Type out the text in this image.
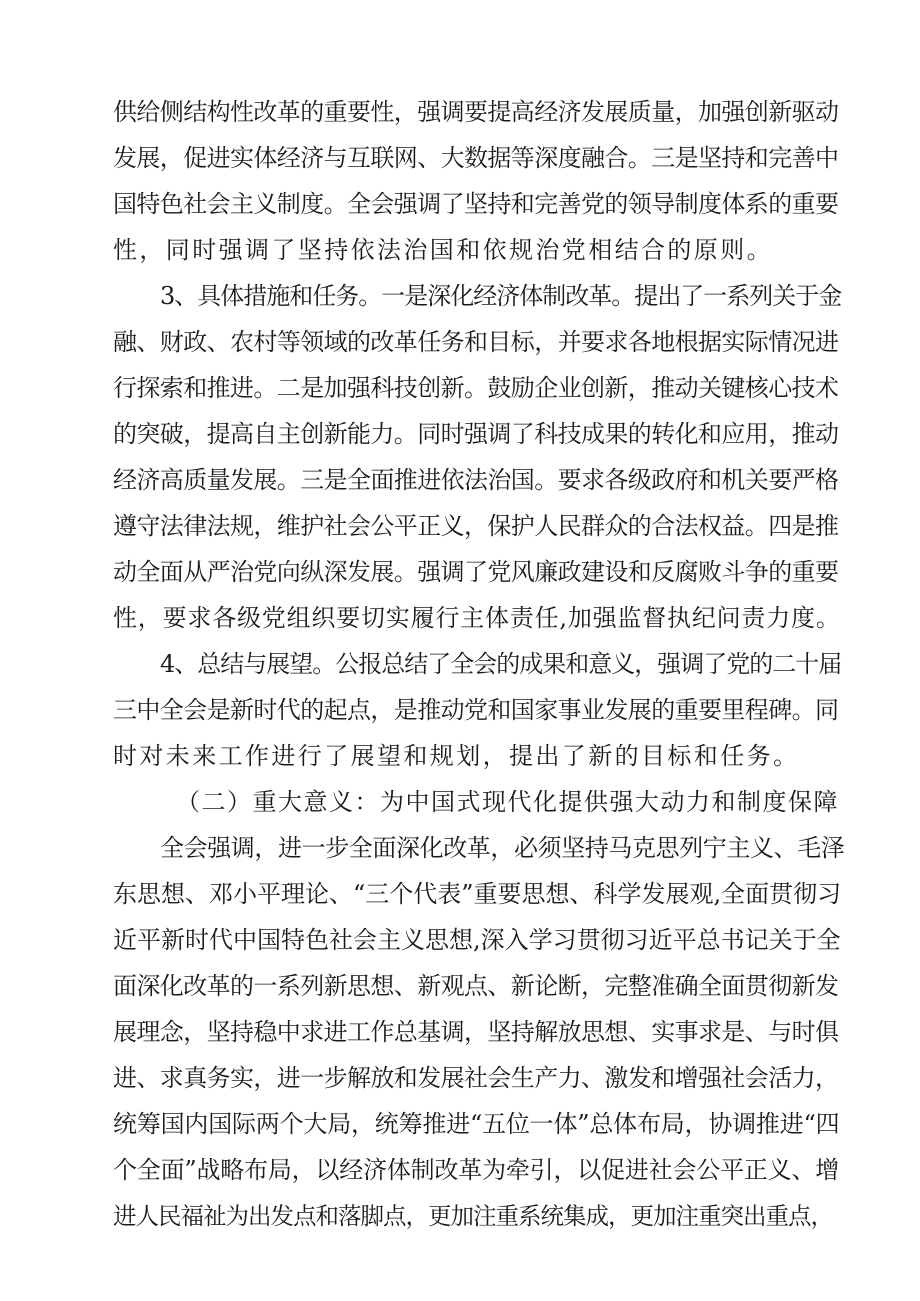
供给侧结构性改革的重要性，强调要提高经济发展质量，加强创新驱动
发展，促进实体经济与互联网、大数据等深度融合。三是坚持和完善中
国特色社会主义制度。全会强调了坚持和完善党的领导制度体系的重要
性，同时强调了坚持依法治国和依规治党相结合的原则。
3、具体措施和任务。一是深化经济体制改革。提出了一系列关于金
融、财政、农村等领域的改革任务和目标，并要求各地根据实际情况进
行探索和推进。二是加强科技创新。鼓励企业创新，推动关键核心技术
的突破，提高自主创新能力。同时强调了科技成果的转化和应用，推动
经济高质量发展。三是全面推进依法治国。要求各级政府和机关要严格
遵守法律法规，维护社会公平正义，保护人民群众的合法权益。四是推
动全面从严治党向纵深发展。强调了党风廉政建设和反腐败斗争的重要
性，要求各级党组织要切实履行主体责任,加强监督执纪问责力度。
4、总结与展望。公报总结了全会的成果和意义，强调了党的二十届
三中全会是新时代的起点，是推动党和国家事业发展的重要里程碑。同
时对未来工作进行了展望和规划，提出了新的目标和任务。
（二）重大意义：为中国式现代化提供强大动力和制度保障
全会强调，进一步全面深化改革，必须坚持马克思列宁主义、毛泽
东思想、邓小平理论、“三个代表”重要思想、科学发展观,全面贯彻习
近平新时代中国特色社会主义思想,深入学习贯彻习近平总书记关于全
面深化改革的一系列新思想、新观点、新论断，完整准确全面贯彻新发
展理念，坚持稳中求进工作总基调，坚持解放思想、实事求是、与时俱
进、求真务实，进一步解放和发展社会生产力、激发和增强社会活力，
统筹国内国际两个大局，统筹推进“五位一体”总体布局，协调推进“四
个全面”战略布局，以经济体制改革为牵引，以促进社会公平正义、增
进人民福祉为出发点和落脚点，更加注重系统集成，更加注重突出重点，
